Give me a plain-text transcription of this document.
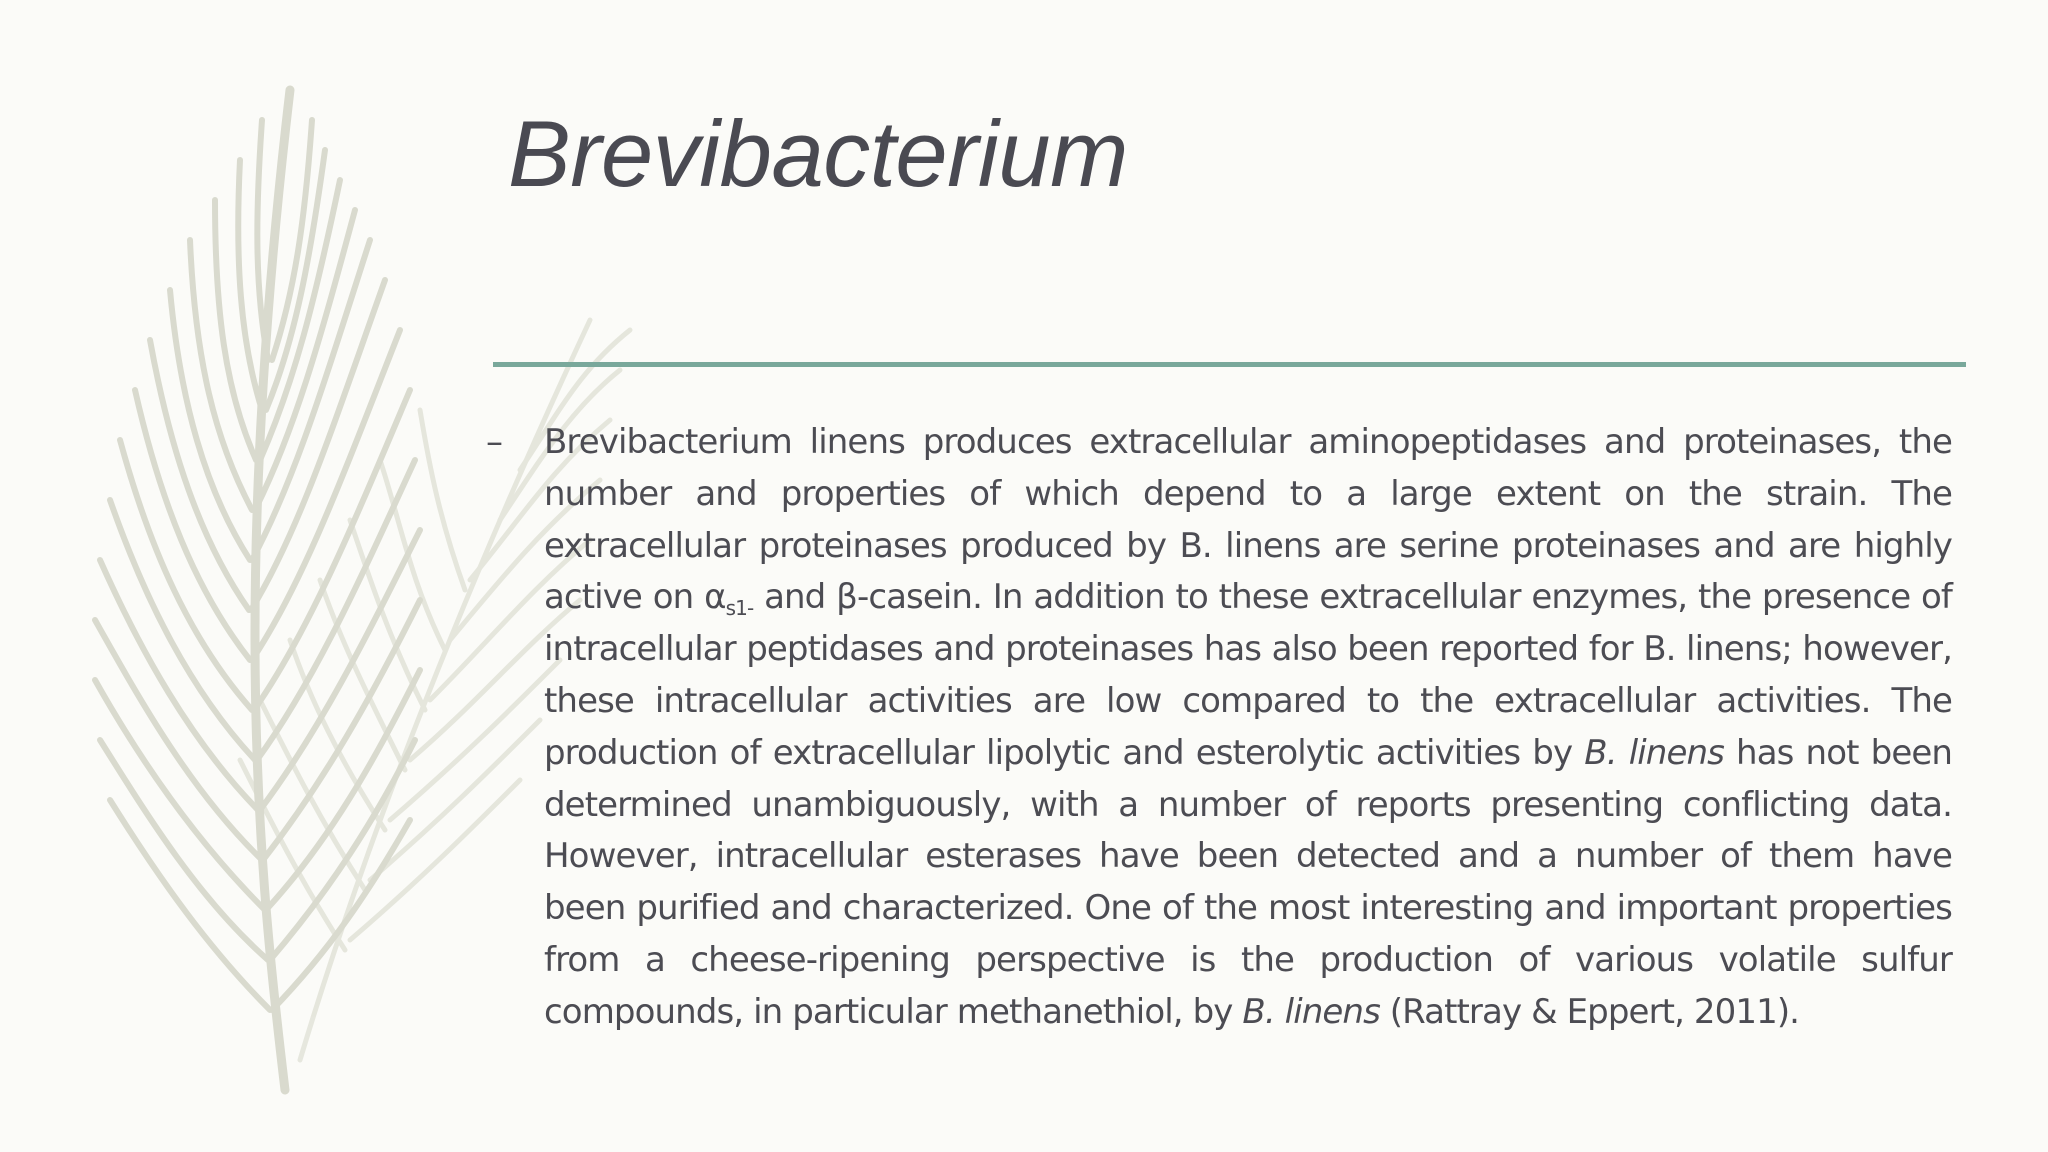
Brevibacterium
– Brevibacterium linens produces extracellular aminopeptidases and proteinases, the number and properties of which depend to a large extent on the strain. The extracellular proteinases produced by B. linens are serine proteinases and are highly active on $\alpha_{s1-}$ and β-casein. In addition to these extracellular enzymes, the presence of intracellular peptidases and proteinases has also been reported for B. linens; however, these intracellular activities are low compared to the extracellular activities. The production of extracellular lipolytic and esterolytic activities by B. linens has not been determined unambiguously, with a number of reports presenting conflicting data. However, intracellular esterases have been detected and a number of them have been purified and characterized. One of the most interesting and important properties from a cheese-ripening perspective is the production of various volatile sulfur compounds, in particular methanethiol, by B. linens (Rattray & Eppert, 2011).
